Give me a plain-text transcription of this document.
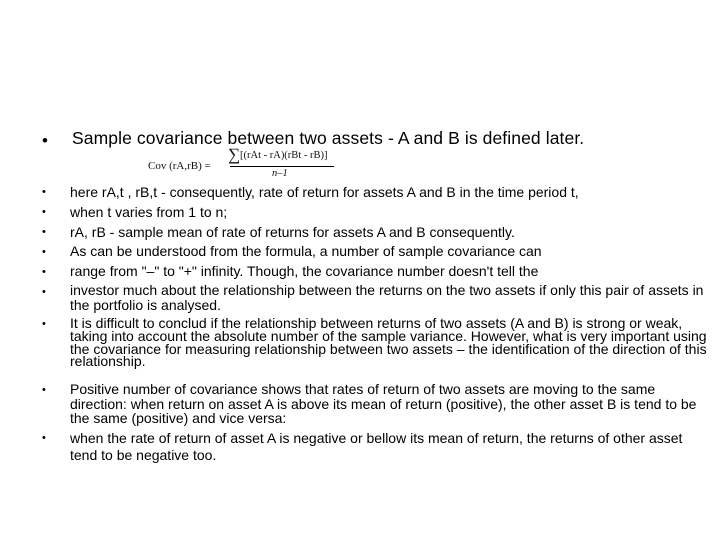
• Sample covariance between two assets - A and B is defined later.
Cov (rA,rB) =
∑ [(rAt - rA)(rBt - rB)]
n–1
• here rA,t , rB,t - consequently, rate of return for assets A and B in the time period t,
• when t varies from 1 to n;
• rA, rB - sample mean of rate of returns for assets A and B consequently.
• As can be understood from the formula, a number of sample covariance can
• range from "–" to "+" infinity. Though, the covariance number doesn't tell the
• investor much about the relationship between the returns on the two assets if only this pair of assets in the portfolio is analysed.
• It is difficult to conclud if the relationship between returns of two assets (A and B) is strong or weak, taking into account the absolute number of the sample variance. However, what is very important using the covariance for measuring relationship between two assets – the identification of the direction of this relationship.
• Positive number of covariance shows that rates of return of two assets are moving to the same direction: when return on asset A is above its mean of return (positive), the other asset B is tend to be the same (positive) and vice versa:
• when the rate of return of asset A is negative or bellow its mean of return, the returns of other asset tend to be negative too.
